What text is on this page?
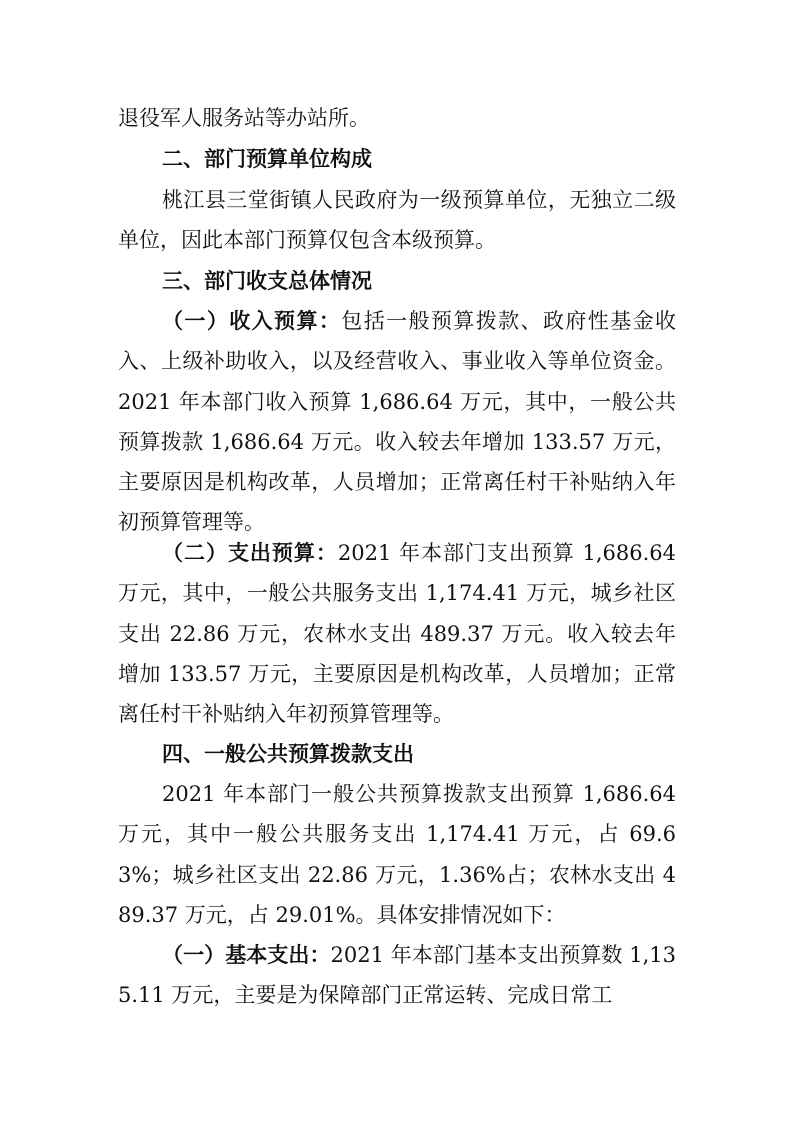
退役军人服务站等办站所。

二、部门预算单位构成

桃江县三堂街镇人民政府为一级预算单位，无独立二级单位，因此本部门预算仅包含本级预算。

三、部门收支总体情况

（一）收入预算：包括一般预算拨款、政府性基金收入、上级补助收入，以及经营收入、事业收入等单位资金。2021 年本部门收入预算 1,686.64 万元，其中，一般公共预算拨款 1,686.64 万元。收入较去年增加 133.57 万元，主要原因是机构改革，人员增加；正常离任村干补贴纳入年初预算管理等。

（二）支出预算：2021 年本部门支出预算 1,686.64 万元，其中，一般公共服务支出 1,174.41 万元，城乡社区支出 22.86 万元，农林水支出 489.37 万元。收入较去年增加 133.57 万元，主要原因是机构改革，人员增加；正常离任村干补贴纳入年初预算管理等。

四、一般公共预算拨款支出

2021 年本部门一般公共预算拨款支出预算 1,686.64 万元，其中一般公共服务支出 1,174.41 万元，占 69.63%；城乡社区支出 22.86 万元，1.36%占；农林水支出 489.37 万元，占 29.01%。具体安排情况如下：

（一）基本支出：2021 年本部门基本支出预算数 1,135.11 万元，主要是为保障部门正常运转、完成日常工
